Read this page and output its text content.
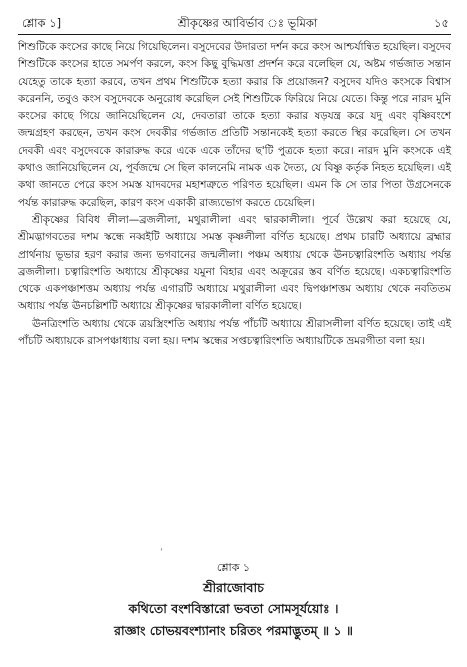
শ্লোক ১]	শ্রীকৃষ্ণের আবির্ভাব ঃ ভূমিকা	১৫

শিশুটিকে কংসের কাছে নিয়ে গিয়েছিলেন। বসুদেবের উদারতা দর্শন করে কংস আশ্চর্যান্বিত হয়েছিল। বসুদেব শিশুটিকে কংসের হাতে সমর্পণ করলে, কংস কিছু বুদ্ধিমত্তা প্রদর্শন করে বলেছিল যে, অষ্টম গর্ভজাত সন্তান যেহেতু তাকে হত্যা করবে, তখন প্রথম শিশুটিকে হত্যা করার কি প্রয়োজন? বসুদেব যদিও কংসকে বিশ্বাস করেননি, তবুও কংস বসুদেবকে অনুরোধ করেছিল সেই শিশুটিকে ফিরিয়ে নিয়ে যেতে। কিন্তু পরে নারদ মুনি কংসের কাছে গিয়ে জানিয়েছিলেন যে, দেবতারা তাকে হত্যা করার ষড়যন্ত্র করে যদু এবং বৃষ্ণিবংশে জন্মগ্রহণ করছেন, তখন কংস দেবকীর গর্ভজাত প্রতিটি সন্তানকেই হত্যা করতে স্থির করেছিল। সে তখন দেবকী এবং বসুদেবকে কারারুদ্ধ করে একে একে তাঁদের ছ'টি পুত্রকে হত্যা করে। নারদ মুনি কংসকে এই কথাও জানিয়েছিলেন যে, পূর্বজন্মে সে ছিল কালনেমি নামক এক দৈত্য, যে বিষ্ণু কর্তৃক নিহত হয়েছিল। এই কথা জানতে পেরে কংস সমস্ত যাদবদের মহাশত্রুতে পরিণত হয়েছিল। এমন কি সে তার পিতা উগ্রসেনকে পর্যন্ত কারারুদ্ধ করেছিল, কারণ কংস একাকী রাজ্যভোগ করতে চেয়েছিল।

শ্রীকৃষ্ণের বিবিধ লীলা—ব্রজলীলা, মথুরালীলা এবং দ্বারকালীলা। পূর্বে উল্লেখ করা হয়েছে যে, শ্রীমদ্ভাগবতের দশম স্কন্ধে নব্বইটি অধ্যায়ে সমস্ত কৃষ্ণলীলা বর্ণিত হয়েছে। প্রথম চারটি অধ্যায়ে ব্রহ্মার প্রার্থনায় ভূভার হরণ করার জন্য ভগবানের জন্মলীলা। পঞ্চম অধ্যায় থেকে ঊনচত্বারিংশতি অধ্যায় পর্যন্ত ব্রজলীলা। চত্বারিংশতি অধ্যায়ে শ্রীকৃষ্ণের যমুনা বিহার এবং অক্রূরের স্তব বর্ণিত হয়েছে। একচত্বারিংশতি থেকে একপঞ্চাশত্তম অধ্যায় পর্যন্ত এগারটি অধ্যায়ে মথুরালীলা এবং দ্বিপঞ্চাশত্তম অধ্যায় থেকে নবতিতম অধ্যায় পর্যন্ত ঊনচল্লিশটি অধ্যায়ে শ্রীকৃষ্ণের দ্বারকালীলা বর্ণিত হয়েছে।

ঊনত্রিংশতি অধ্যায় থেকে ত্রয়স্ত্রিংশতি অধ্যায় পর্যন্ত পাঁচটি অধ্যায়ে শ্রীরাসলীলা বর্ণিত হয়েছে। তাই এই পাঁচটি অধ্যায়কে রাসপঞ্চাধ্যায় বলা হয়। দশম স্কন্ধের সপ্তচত্বারিংশতি অধ্যায়টিকে ভ্রমরগীতা বলা হয়।

’
শ্লোক ১
শ্রীরাজোবাচ
কথিতো বংশবিস্তারো ভবতা সোমসূর্যয়োঃ ।
রাজ্ঞাং চোভয়বংশ্যানাং চরিতং পরমাদ্ভুতম্ ॥ ১ ॥
